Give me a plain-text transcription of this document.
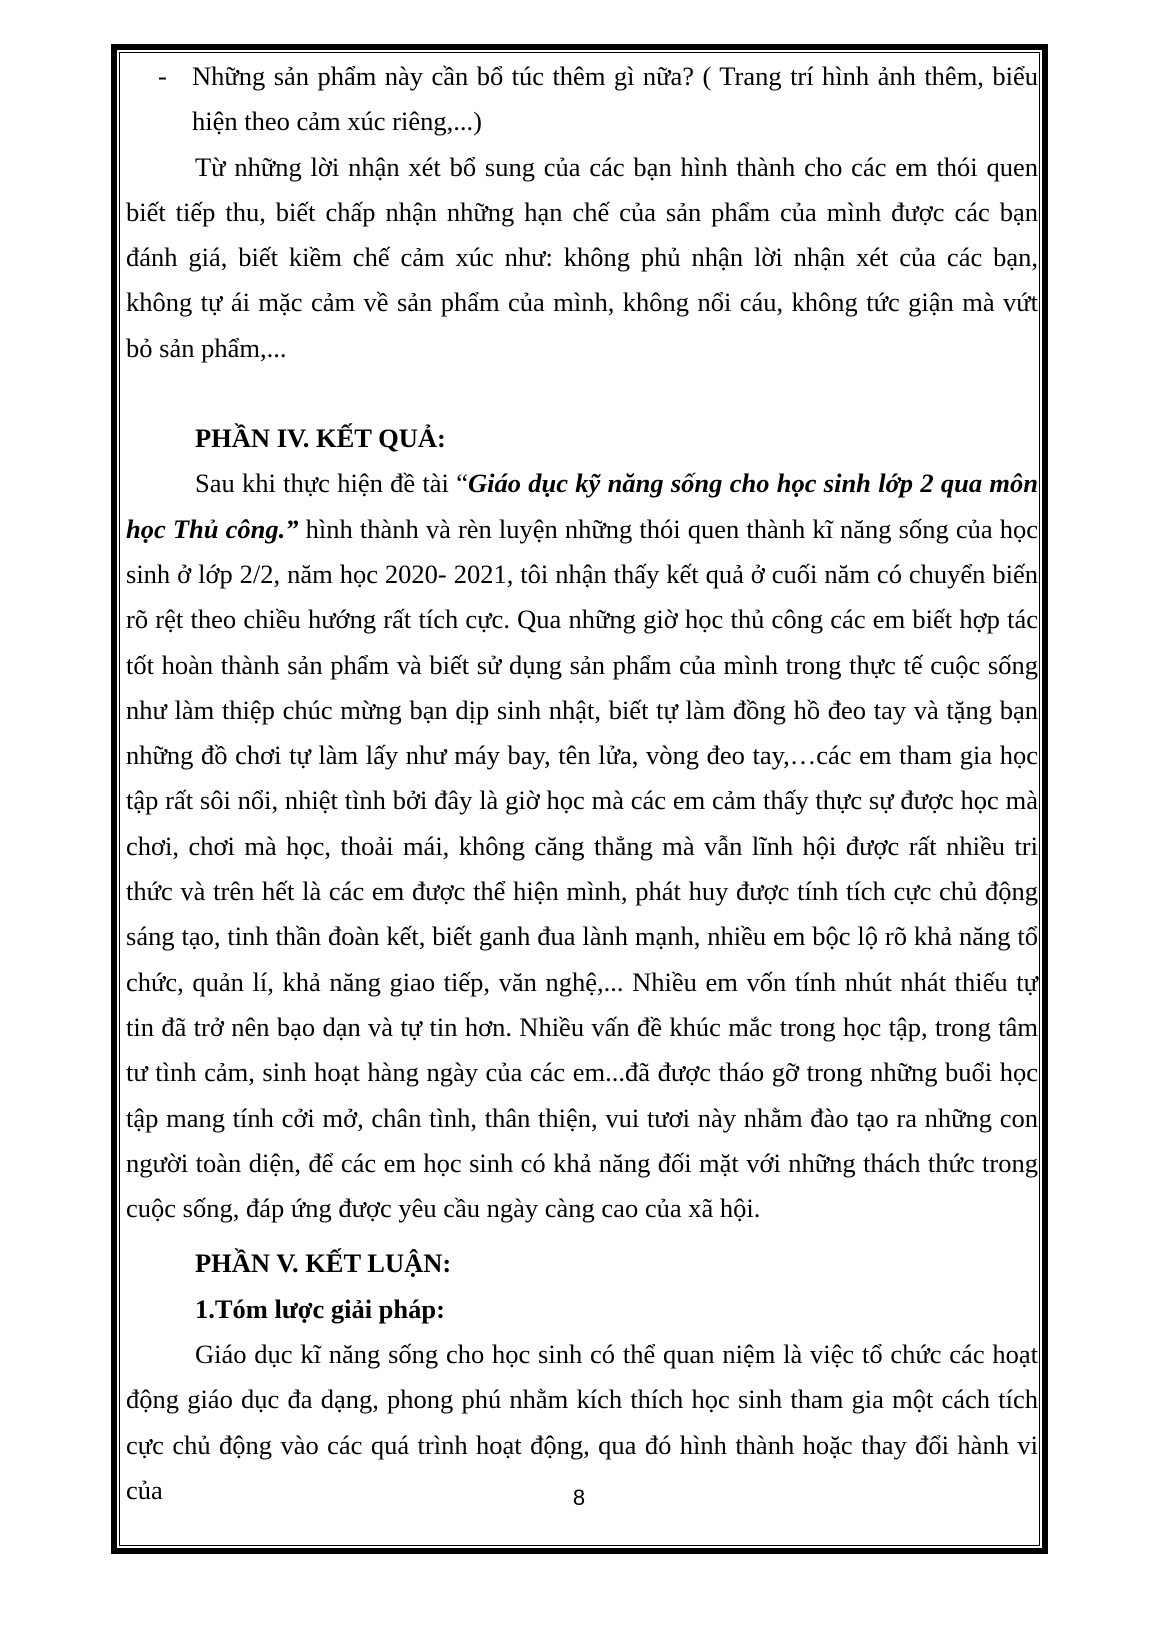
- Những sản phẩm này cần bổ túc thêm gì nữa? ( Trang trí hình ảnh thêm, biểu hiện theo cảm xúc riêng,...)

Từ những lời nhận xét bổ sung của các bạn hình thành cho các em thói quen biết tiếp thu, biết chấp nhận những hạn chế của sản phẩm của mình được các bạn đánh giá, biết kiềm chế cảm xúc như: không phủ nhận lời nhận xét của các bạn, không tự ái mặc cảm về sản phẩm của mình, không nổi cáu, không tức giận mà vứt bỏ sản phẩm,...

PHẦN IV. KẾT QUẢ:

Sau khi thực hiện đề tài “Giáo dục kỹ năng sống cho học sinh lớp 2 qua môn học Thủ công.” hình thành và rèn luyện những thói quen thành kĩ năng sống của học sinh ở lớp 2/2, năm học 2020- 2021, tôi nhận thấy kết quả ở cuối năm có chuyển biến rõ rệt theo chiều hướng rất tích cực. Qua những giờ học thủ công các em biết hợp tác tốt hoàn thành sản phẩm và biết sử dụng sản phẩm của mình trong thực tế cuộc sống như làm thiệp chúc mừng bạn dịp sinh nhật, biết tự làm đồng hồ đeo tay và tặng bạn những đồ chơi tự làm lấy như máy bay, tên lửa, vòng đeo tay,…các em tham gia học tập rất sôi nổi, nhiệt tình bởi đây là giờ học mà các em cảm thấy thực sự được học mà chơi, chơi mà học, thoải mái, không căng thẳng mà vẫn lĩnh hội được rất nhiều tri thức và trên hết là các em được thể hiện mình, phát huy được tính tích cực chủ động sáng tạo, tinh thần đoàn kết, biết ganh đua lành mạnh, nhiều em bộc lộ rõ khả năng tổ chức, quản lí, khả năng giao tiếp, văn nghệ,... Nhiều em vốn tính nhút nhát thiếu tự tin đã trở nên bạo dạn và tự tin hơn. Nhiều vấn đề khúc mắc trong học tập, trong tâm tư tình cảm, sinh hoạt hàng ngày của các em...đã được tháo gỡ trong những buổi học tập mang tính cởi mở, chân tình, thân thiện, vui tươi này nhằm đào tạo ra những con người toàn diện, để các em học sinh có khả năng đối mặt với những thách thức trong cuộc sống, đáp ứng được yêu cầu ngày càng cao của xã hội.

PHẦN V. KẾT LUẬN:

1.Tóm lược giải pháp:

Giáo dục kĩ năng sống cho học sinh có thể quan niệm là việc tổ chức các hoạt động giáo dục đa dạng, phong phú nhằm kích thích học sinh tham gia một cách tích cực chủ động vào các quá trình hoạt động, qua đó hình thành hoặc thay đổi hành vi của	8
